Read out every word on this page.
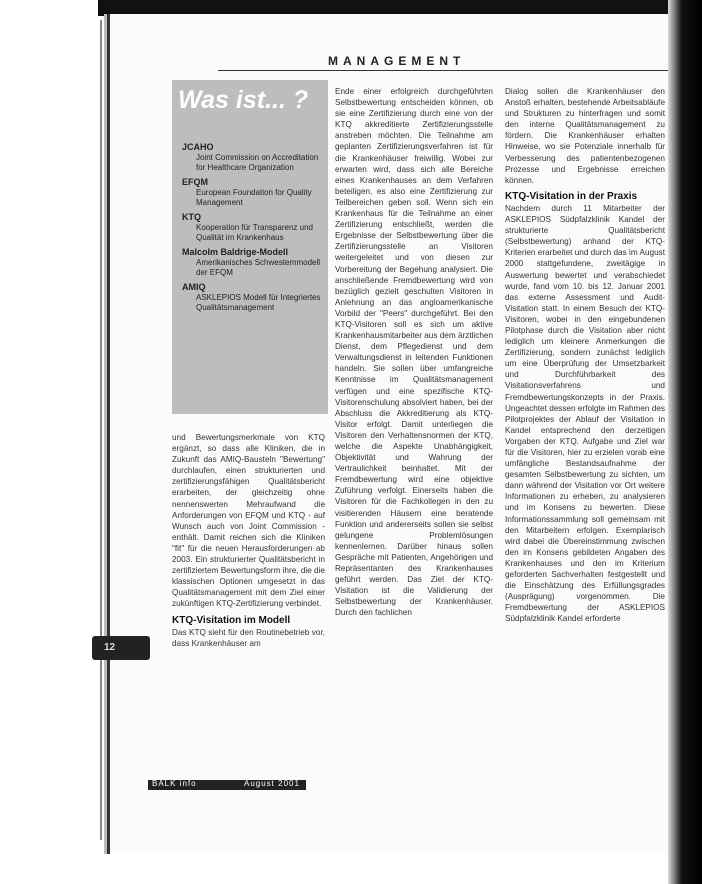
MANAGEMENT
Was ist... ?
JCAHO
Joint Commission on Accreditation for Healthcare Organization
EFQM
European Foundation for Quality Management
KTQ
Kooperation für Transparenz und Qualität im Krankenhaus
Malcolm Baldrige-Modell
Amerikanisches Schwesternmodell der EFQM
AMIQ
ASKLEPIOS Modell für Integriertes Qualitätsmanagement

und Bewertungsmerkmale von KTQ ergänzt, so dass alle Kliniken, die in Zukunft das AMIQ-Bausteln "Bewertung" durchlaufen, einen strukturierten und zertifizierungsfähigen Qualitätsbericht erarbeiten, der gleichzeitig ohne nennenswerten Mehraufwand die Anforderungen von EFQM und KTQ - auf Wunsch auch von Joint Commission - enthält. Damit reichen sich die Kliniken "fit" für die neuen Herausforderungen ab 2003. Ein strukturierter Qualitätsbericht in zertifiziertem Bewertungsform ihre, die die klassischen Optionen umgesetzt in das Qualitätsmanagement mit dem Ziel einer zukünftigen KTQ-Zertifizierung verbindet.

KTQ-Visitation im Modell

Das KTQ sieht für den Routinebetrieb vor, dass Krankenhäuser am

Ende einer erfolgreich durchgeführten Selbstbewertung entscheiden können, ob sie eine Zertifizierung durch eine von der KTQ akkreditierte Zertifizierungsstelle anstreben möchten. Die Teilnahme am geplanten Zertifizierungsverfahren ist für die Krankenhäuser freiwillig. Wobei zur erwarten wird, dass sich alle Bereiche eines Krankenhauses an dem Verfahren beteiligen, es also eine Zertifizierung zur Teilbereichen geben soll. Wenn sich ein Krankenhaus für die Teilnahme an einer Zertifizierung entschließt, werden die Ergebnisse der Selbstbewertung über die Zertifizierungsstelle an Visitoren weitergeleitet und von diesen zur Vorbereitung der Begehung analysiert. Die anschließende Fremdbewertung wird von bezüglich gezielt geschulten Visitoren in Anlehnung an das angloamerikanische Vorbild der "Peers" durchgeführt. Bei den KTQ-Visitoren soll es sich um aktive Krankenhausmitarbeiter aus dem ärztlichen Dienst, dem Pflegedienst und dem Verwaltungsdienst in leitenden Funktionen handeln. Sie sollen über umfangreiche Kenntnisse im Qualitätsmanagement verfügen und eine spezifische KTQ-Visitorenschulung absolviert haben, bei der Abschluss die Akkreditierung als KTQ-Visitor erfolgt. Damit unterliegen die Visitoren den Verhaltensnormen der KTQ, welche die Aspekte Unabhängigkeit, Objektivität und Wahrung der Vertraulichkeit beinhaltet. Mit der Fremdbewertung wird eine objektive Zuführung verfolgt. Einerseits haben die Visitoren für die Fachkollegen in den zu visitierenden Häusern eine beratende Funktion und andererseits sollen sie selbst gelungene Problemlösungen kennenlernen. Darüber hinaus sollen Gespräche mit Patienten, Angehörigen und Repräsentanten des Krankenhauses geführt werden. Das Ziel der KTQ-Visitation ist die Validierung der Selbstbewertung der Krankenhäuser. Durch den fachlichen

Dialog sollen die Krankenhäuser den Anstoß erhalten, bestehende Arbeitsabläufe und Strukturen zu hinterfragen und somit den interne Qualitätsmanagement zu fördern. Die Krankenhäuser erhalten Hinweise, wo sie Potenziale innerhalb für Verbesserung des patientenbezogenen Prozesse und Ergebnisse erreichen können.

KTQ-Visitation in der Praxis

Nachdem durch 11 Mitarbeiter der ASKLEPIOS Südpfalzklinik Kandel der strukturierte Qualitätsbericht (Selbstbewertung) anhand der KTQ-Kriterien erarbeitet und durch das im August 2000 stattgefundene, zweitägige in Auswertung bewertet und verabschiedet wurde, fand vom 10. bis 12. Januar 2001 das externe Assessment und Audit-Visitation statt. In einem Besuch der KTQ-Visitoren, wobei in den eingebundenen Pilotphase durch die Visitation aber nicht lediglich um kleinere Anmerkungen die Zertifizierung, sondern zunächst lediglich um eine Überprüfung der Umsetzbarkeit und Durchführbarkeit des Visitationsverfahrens und Fremdbewertungskonzepts in der Praxis. Ungeachtet dessen erfolgte im Rahmen des Pilotprojektes der Ablauf der Visitation in Kandel entsprechend den derzeitigen Vorgaben der KTQ. Aufgabe und Ziel war für die Visitoren, hier zu erzielen vorab eine umfängliche Bestandsaufnahme der gesamten Selbstbewertung zu sichten, um dann während der Visitation vor Ort weitere Informationen zu erheben, zu analysieren und im Konsens zu bewerten. Diese Informationssammlung soll gemeinsam mit den Mitarbeitern erfolgen. Exemplarisch wird dabei die Übereinstimmung zwischen den im Konsens gebildeten Angaben des Krankenhauses und den im Kriterium geforderten Sachverhalten festgestellt und die Einschätzung des Erfüllungsgrades (Ausprägung) vorgenommen. Die Fremdbewertung der ASKLEPIOS Südpfalzklinik Kandel erforderte

12
BALK info	August 2001
